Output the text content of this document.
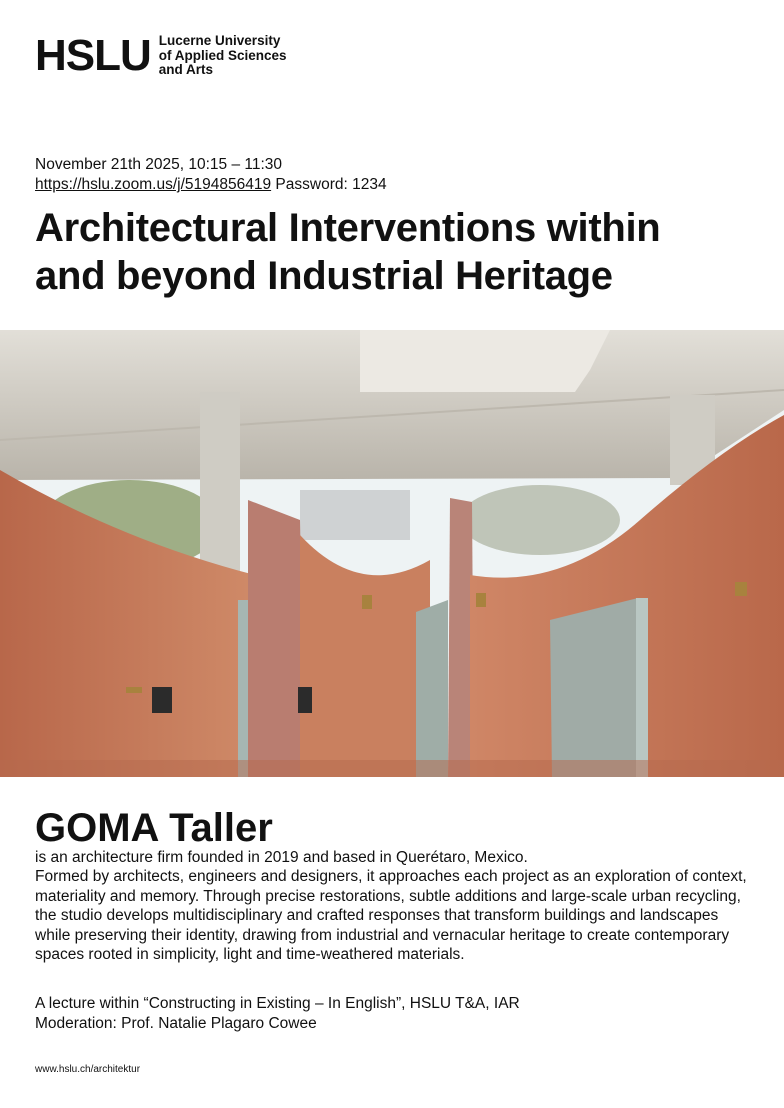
HSLU Lucerne University
of Applied Sciences
and Arts
November 21th 2025, 10:15 – 11:30
https://hslu.zoom.us/j/5194856419 Password: 1234
Architectural Interventions within
and beyond Industrial Heritage
GOMA Taller

is an architecture firm founded in 2019 and based in Querétaro, Mexico.

Formed by architects, engineers and designers, it approaches each project as an exploration of context, materiality and memory. Through precise restorations, subtle additions and large-scale urban recycling, the studio develops multidisciplinary and crafted responses that transform buildings and landscapes while preserving their identity, drawing from industrial and vernacular heritage to create contemporary spaces rooted in simplicity, light and time-weathered materials.

A lecture within “Constructing in Existing – In English”, HSLU T&A, IAR

Moderation: Prof. Natalie Plagaro Cowee

www.hslu.ch/architektur
